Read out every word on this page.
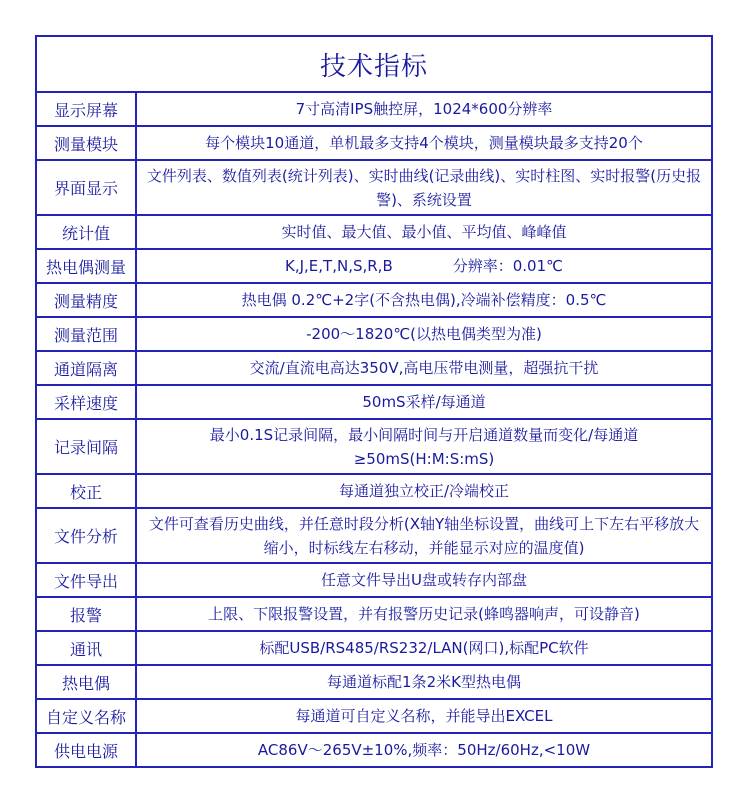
技术指标	
显示屏幕	7寸高清IPS触控屏，1024*600分辨率
测量模块	每个模块10通道，单机最多支持4个模块，测量模块最多支持20个
界面显示	文件列表、数值列表(统计列表)、实时曲线(记录曲线)、实时柱图、实时报警(历史报警)、系统设置
统计值	实时值、最大值、最小值、平均值、峰峰值
热电偶测量	K,J,E,T,N,S,R,B　　　　分辨率：0.01℃
测量精度	热电偶 0.2℃+2字(不含热电偶),冷端补偿精度：0.5℃
测量范围	-200～1820℃(以热电偶类型为准)
通道隔离	交流/直流电高达350V,高电压带电测量，超强抗干扰
采样速度	50mS采样/每通道
记录间隔	最小0.1S记录间隔，最小间隔时间与开启通道数量而变化/每通道≥50mS(H:M:S:mS)
校正	每通道独立校正/冷端校正
文件分析	文件可查看历史曲线，并任意时段分析(X轴Y轴坐标设置，曲线可上下左右平移放大缩小，时标线左右移动，并能显示对应的温度值)
文件导出	任意文件导出U盘或转存内部盘
报警	上限、下限报警设置，并有报警历史记录(蜂鸣器响声，可设静音)
通讯	标配USB/RS485/RS232/LAN(网口),标配PC软件
热电偶	每通道标配1条2米K型热电偶
自定义名称	每通道可自定义名称，并能导出EXCEL
供电电源	AC86V～265V±10%,频率：50Hz/60Hz,<10W
